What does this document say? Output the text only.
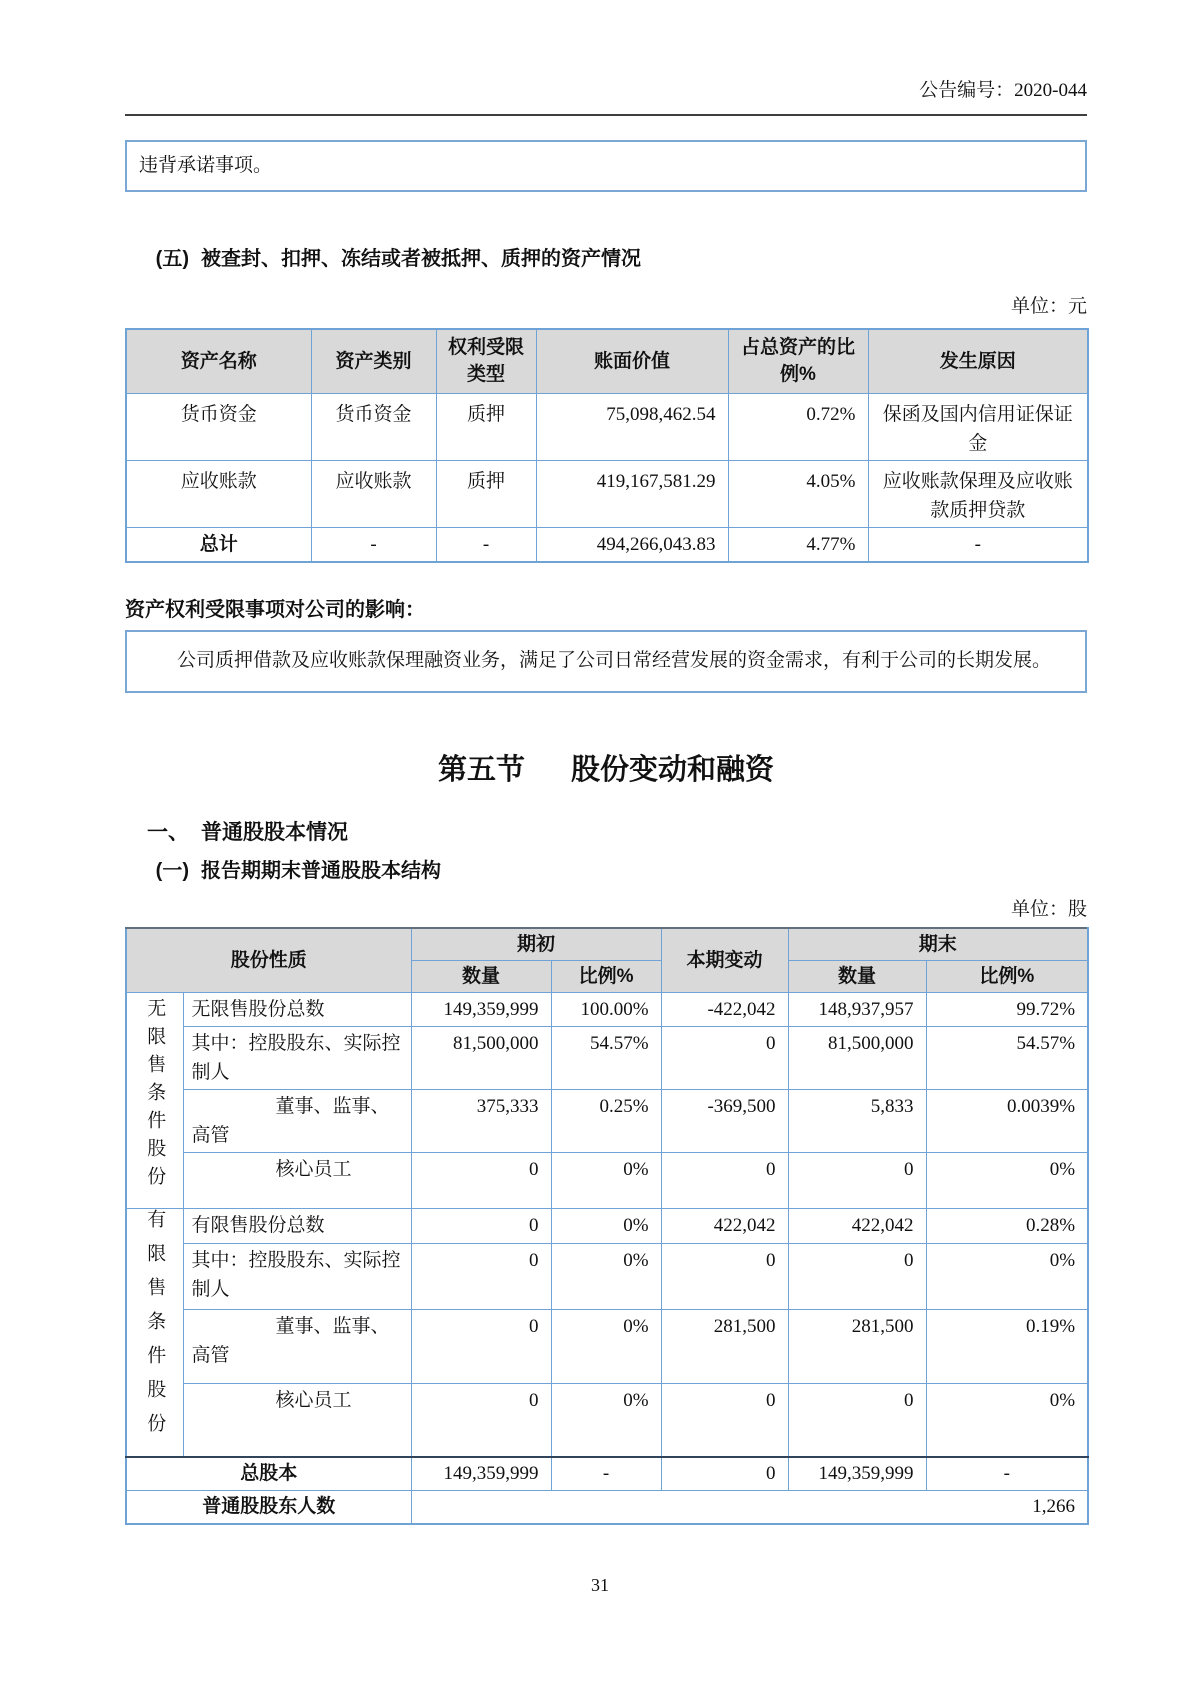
公告编号：2020-044
违背承诺事项。
(五) 被查封、扣押、冻结或者被抵押、质押的资产情况
单位：元
资产名称	资产类别	权利受限类型	账面价值	占总资产的比例%	发生原因
货币资金	货币资金	质押	75,098,462.54	0.72%	保函及国内信用证保证金
应收账款	应收账款	质押	419,167,581.29	4.05%	应收账款保理及应收账款质押贷款
总计	-	-	494,266,043.83	4.77%	-
资产权利受限事项对公司的影响：
公司质押借款及应收账款保理融资业务，满足了公司日常经营发展的资金需求，有利于公司的长期发展。
第五节 股份变动和融资
一、 普通股股本情况
(一) 报告期期末普通股股本结构
单位：股
股份性质		期初		本期变动	期末	
		数量	比例%		数量	比例%
无限售条件股份	无限售股份总数	149,359,999	100.00%	-422,042	148,937,957	99.72%
	其中：控股股东、实际控制人	81,500,000	54.57%	0	81,500,000	54.57%
	董事、监事、高管	375,333	0.25%	-369,500	5,833	0.0039%
	核心员工	0	0%	0	0	0%
有限售条件股份	有限售股份总数	0	0%	422,042	422,042	0.28%
	其中：控股股东、实际控制人	0	0%	0	0	0%
	董事、监事、高管	0	0%	281,500	281,500	0.19%
	核心员工	0	0%	0	0	0%
总股本		149,359,999	-	0	149,359,999	-
普通股股东人数		1,266				
31
